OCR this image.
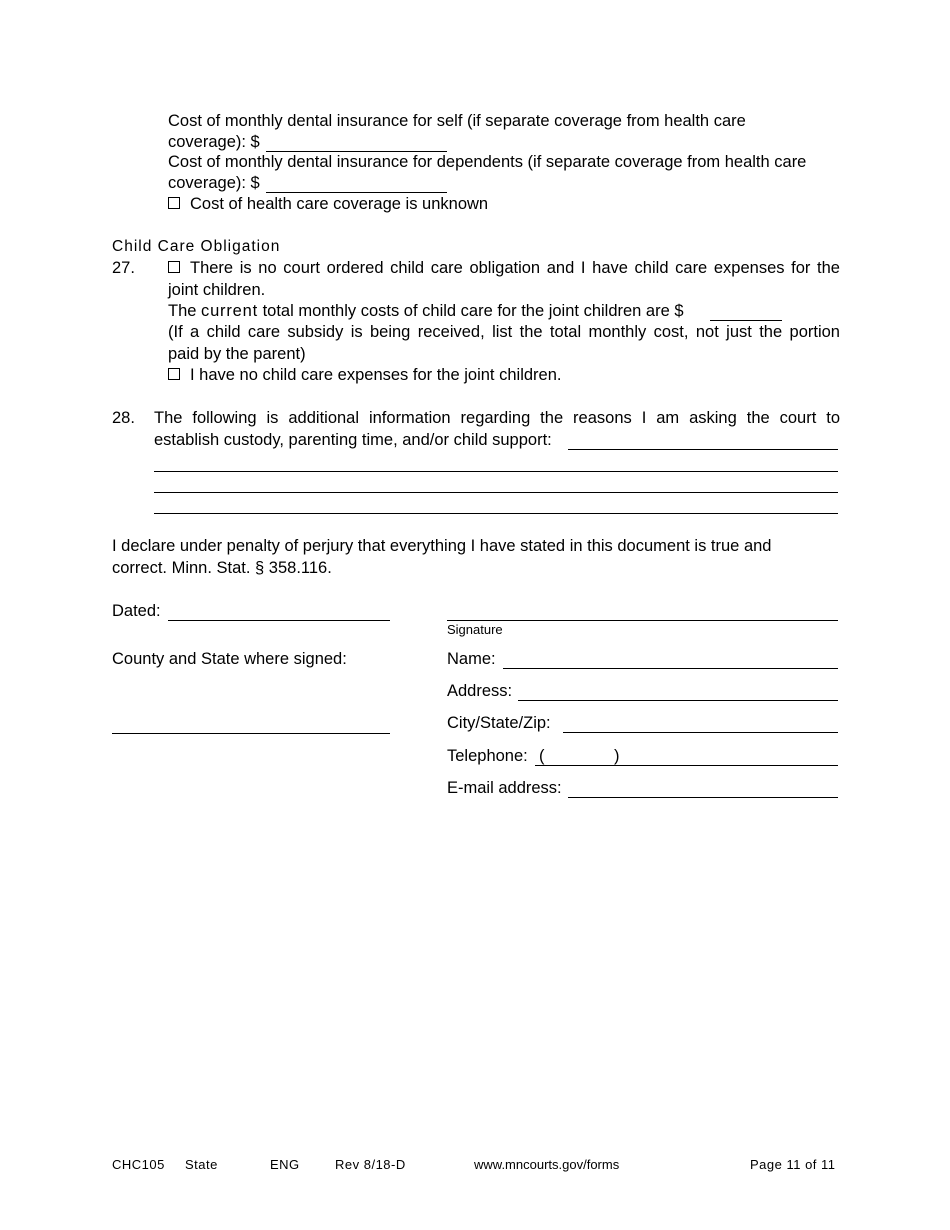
Cost of monthly dental insurance for self (if separate coverage from health care
coverage): $
Cost of monthly dental insurance for dependents (if separate coverage from health care
coverage): $
Cost of health care coverage is unknown
Child Care Obligation
27.	There is no court ordered child care obligation and I have child care expenses for the
joint children.
The current total monthly costs of child care for the joint children are $
(If a child care subsidy is being received, list the total monthly cost, not just the portion
paid by the parent)
I have no child care expenses for the joint children.
28. The following is additional information regarding the reasons I am asking the court to
establish custody, parenting time, and/or child support:
I declare under penalty of perjury that everything I have stated in this document is true and
correct. Minn. Stat. § 358.116.
Dated:
County and State where signed:
Signature
Name:
Address:
City/State/Zip:
Telephone: (	)
E-mail address:
CHC105 State	ENG	Rev 8/18-D	www.mncourts.gov/forms	Page 11 of 11
